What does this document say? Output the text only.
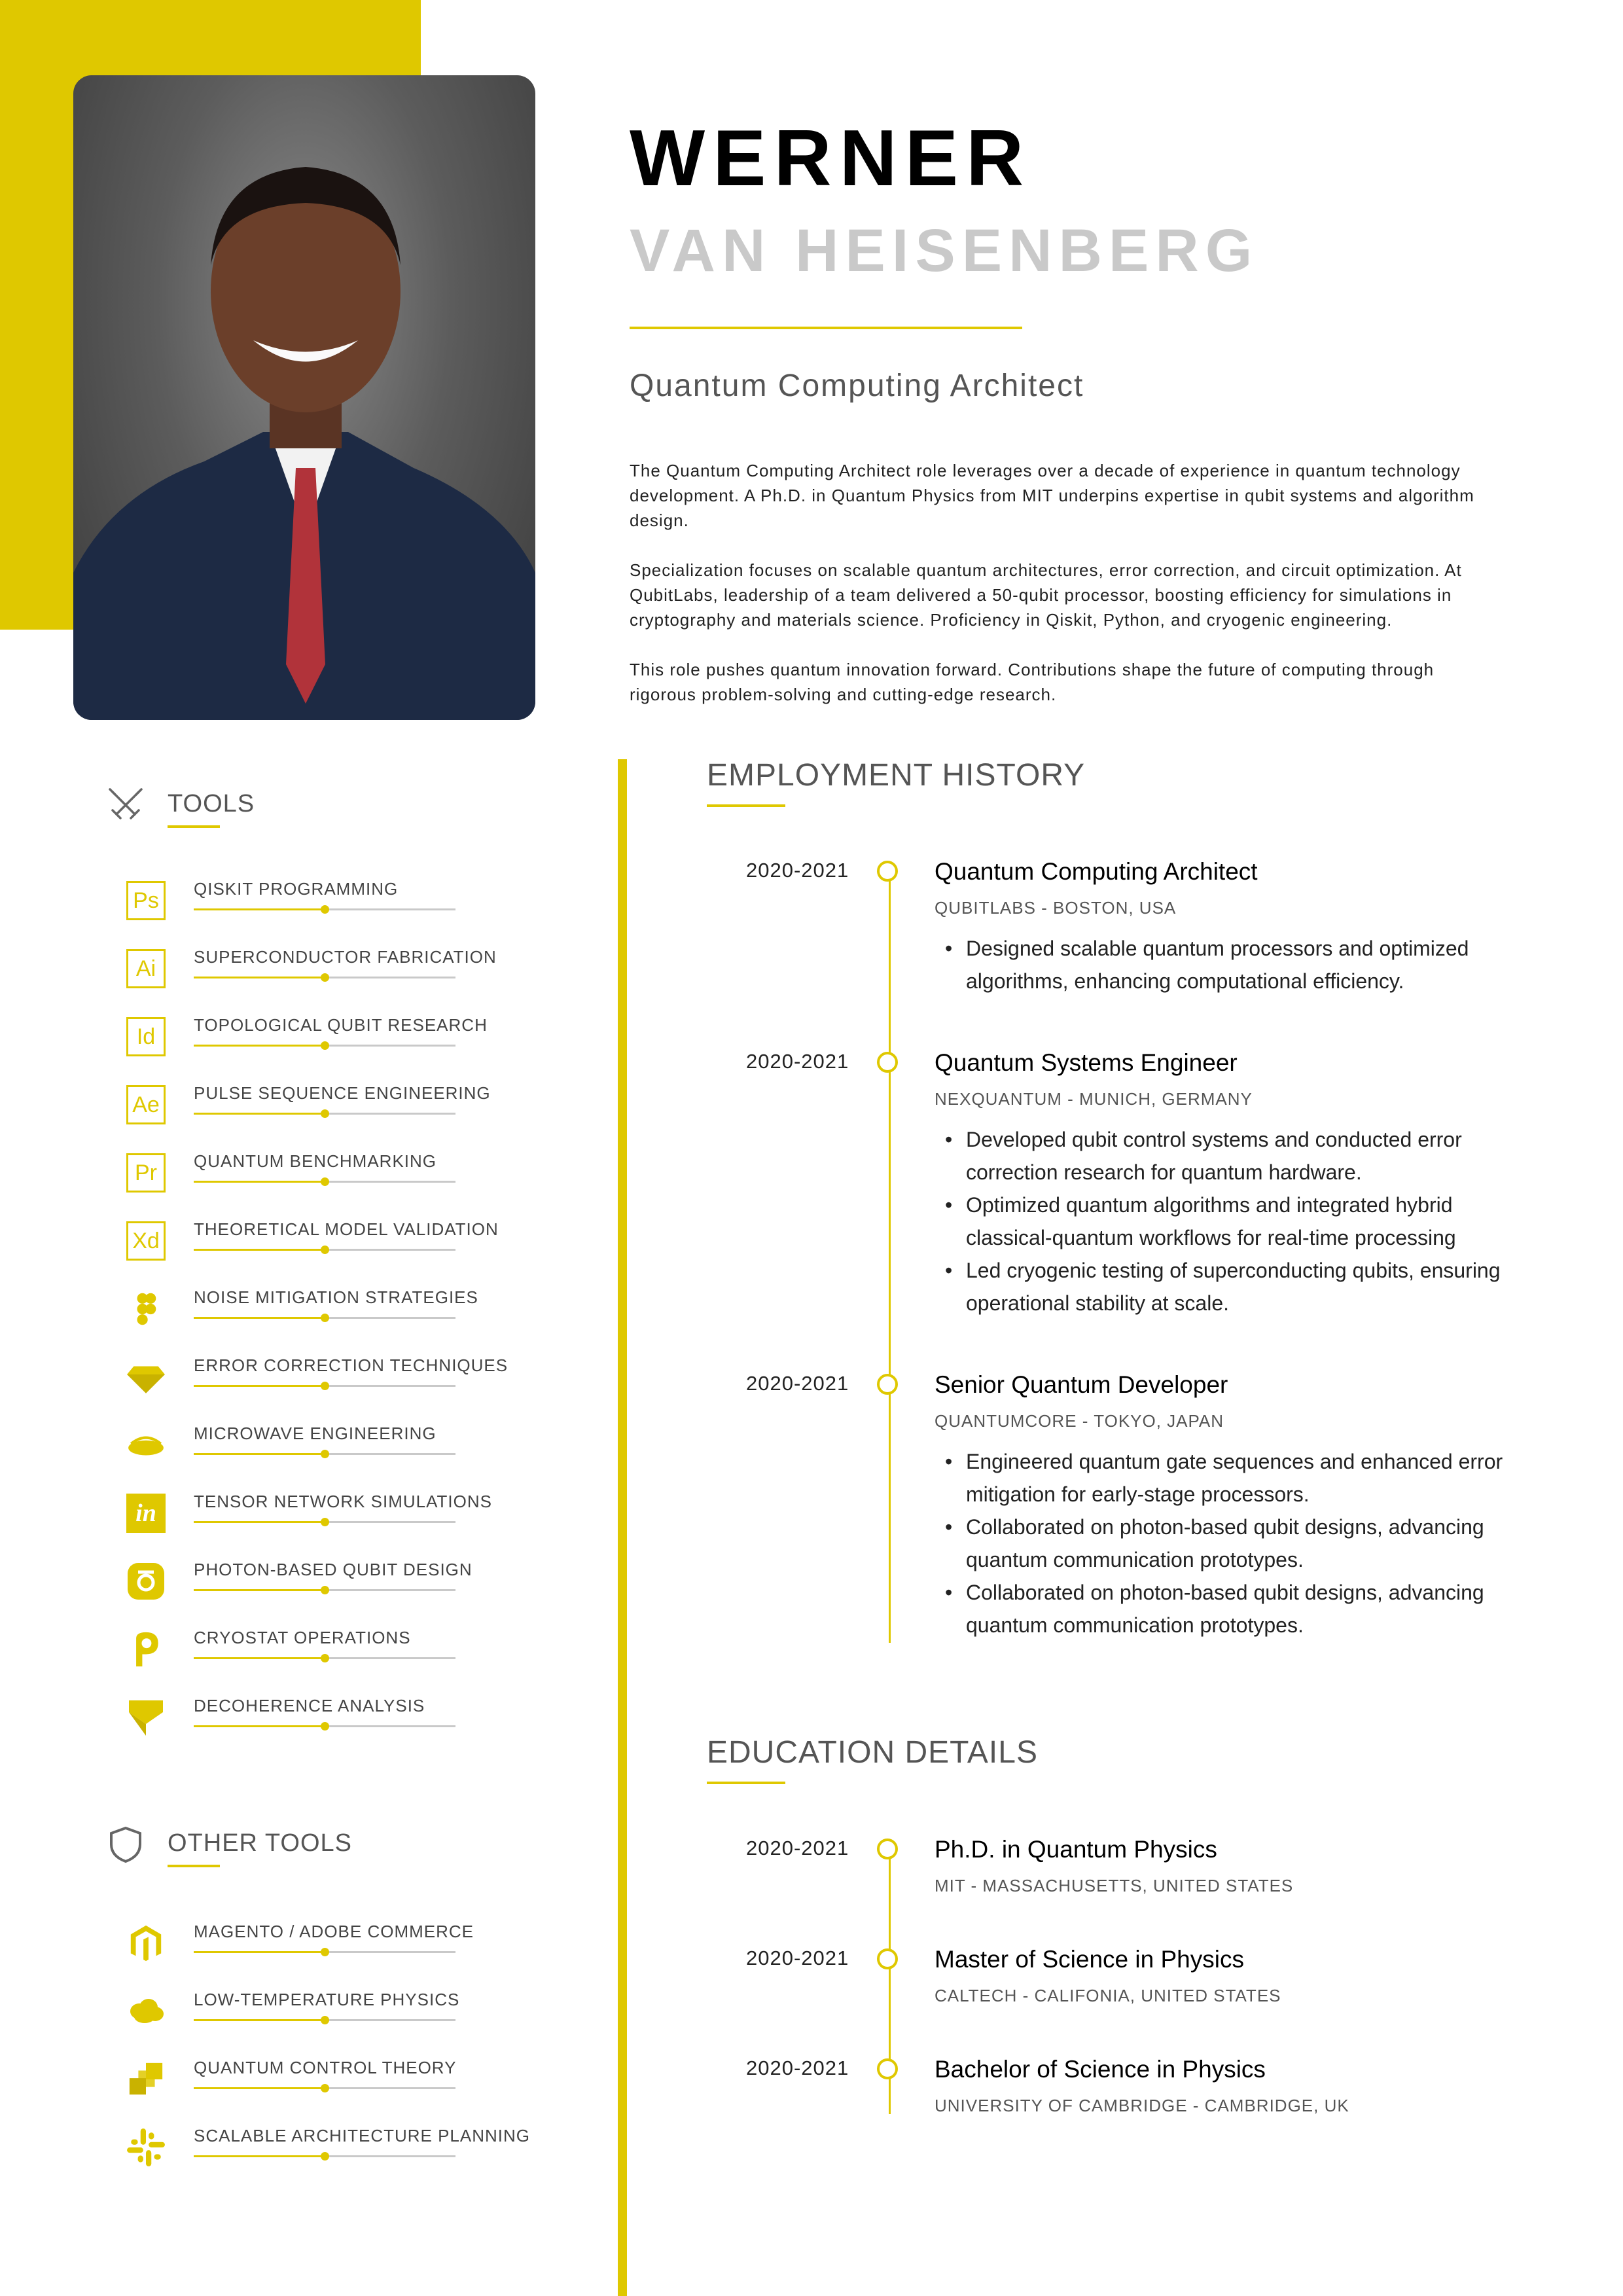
WERNER
VAN HEISENBERG
Quantum Computing Architect

The Quantum Computing Architect role leverages over a decade of experience in quantum technology development. A Ph.D. in Quantum Physics from MIT underpins expertise in qubit systems and algorithm design.

Specialization focuses on scalable quantum architectures, error correction, and circuit optimization. At QubitLabs, leadership of a team delivered a 50-qubit processor, boosting efficiency for simulations in cryptography and materials science. Proficiency in Qiskit, Python, and cryogenic engineering.

This role pushes quantum innovation forward. Contributions shape the future of computing through rigorous problem-solving and cutting-edge research.

TOOLS
Ps	QISKIT PROGRAMMING
Ai	SUPERCONDUCTOR FABRICATION
Id	TOPOLOGICAL QUBIT RESEARCH
Ae	PULSE SEQUENCE ENGINEERING
Pr	QUANTUM BENCHMARKING
Xd	THEORETICAL MODEL VALIDATION
NOISE MITIGATION STRATEGIES
ERROR CORRECTION TECHNIQUES
MICROWAVE ENGINEERING
in	TENSOR NETWORK SIMULATIONS
PHOTON-BASED QUBIT DESIGN
CRYOSTAT OPERATIONS
DECOHERENCE ANALYSIS
OTHER TOOLS
MAGENTO / ADOBE COMMERCE
LOW-TEMPERATURE PHYSICS
QUANTUM CONTROL THEORY
SCALABLE ARCHITECTURE PLANNING
EMPLOYMENT HISTORY
2020-2021	Quantum Computing Architect
QUBITLABS - BOSTON, USA
• Designed scalable quantum processors and optimized algorithms, enhancing computational efficiency.
2020-2021	Quantum Systems Engineer
NEXQUANTUM - MUNICH, GERMANY
• Developed qubit control systems and conducted error correction research for quantum hardware.
• Optimized quantum algorithms and integrated hybrid classical-quantum workflows for real-time processing
• Led cryogenic testing of superconducting qubits, ensuring operational stability at scale.
2020-2021	Senior Quantum Developer
QUANTUMCORE - TOKYO, JAPAN
• Engineered quantum gate sequences and enhanced error mitigation for early-stage processors.
• Collaborated on photon-based qubit designs, advancing quantum communication prototypes.
• Collaborated on photon-based qubit designs, advancing quantum communication prototypes.
EDUCATION DETAILS
2020-2021	Ph.D. in Quantum Physics
MIT - MASSACHUSETTS, UNITED STATES
2020-2021	Master of Science in Physics
CALTECH - CALIFONIA, UNITED STATES
2020-2021	Bachelor of Science in Physics
UNIVERSITY OF CAMBRIDGE - CAMBRIDGE, UK
